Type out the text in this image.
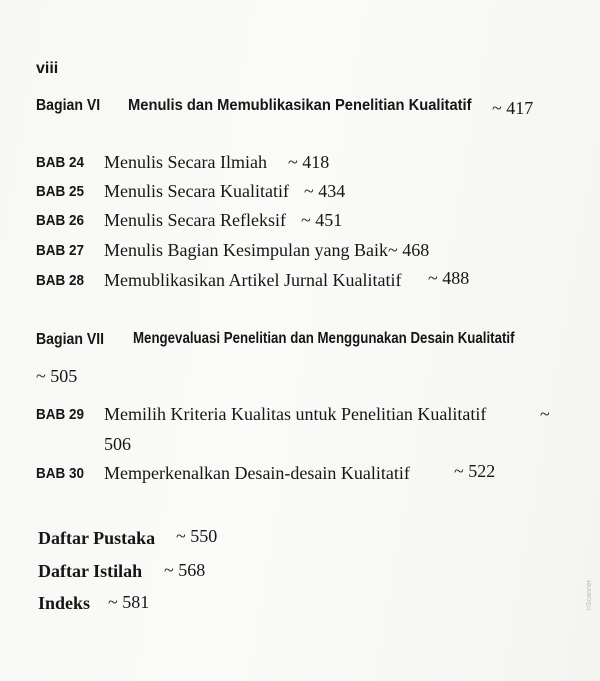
viii
Bagian VI Menulis dan Memublikasikan Penelitian Kualitatif ~ 417
BAB 24 Menulis Secara Ilmiah ~ 418
BAB 25 Menulis Secara Kualitatif ~ 434
BAB 26 Menulis Secara Refleksif ~ 451
BAB 27 Menulis Bagian Kesimpulan yang Baik ~ 468
BAB 28 Memublikasikan Artikel Jurnal Kualitatif ~ 488
Bagian VII Mengevaluasi Penelitian dan Menggunakan Desain Kualitatif
~ 505
BAB 29 Memilih Kriteria Kualitas untuk Penelitian Kualitatif	~
506
BAB 30 Memperkenalkan Desain-desain Kualitatif ~ 522
Daftar Pustaka ~ 550
Daftar Istilah ~ 568
Indeks ~ 581	nScanner
